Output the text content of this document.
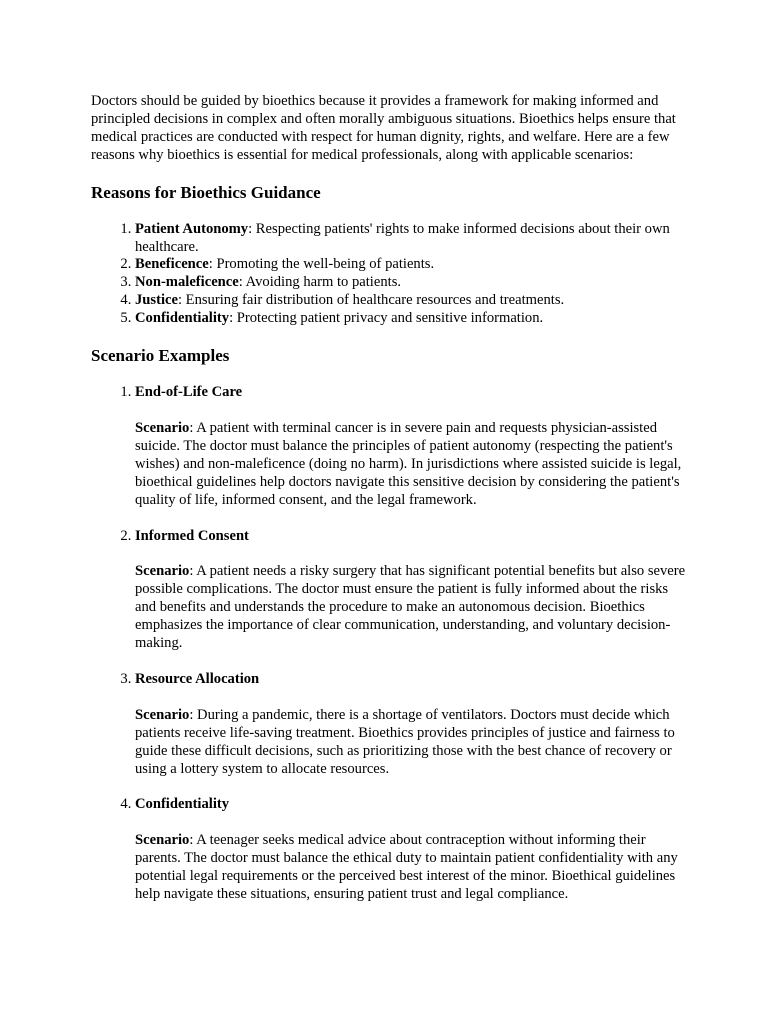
Doctors should be guided by bioethics because it provides a framework for making informed and principled decisions in complex and often morally ambiguous situations. Bioethics helps ensure that medical practices are conducted with respect for human dignity, rights, and welfare. Here are a few reasons why bioethics is essential for medical professionals, along with applicable scenarios:

Reasons for Bioethics Guidance
1. Patient Autonomy: Respecting patients' rights to make informed decisions about their own healthcare.
2. Beneficence: Promoting the well-being of patients.
3. Non-maleficence: Avoiding harm to patients.
4. Justice: Ensuring fair distribution of healthcare resources and treatments.
5. Confidentiality: Protecting patient privacy and sensitive information.
Scenario Examples
1. End-of-Life Care

Scenario: A patient with terminal cancer is in severe pain and requests physician-assisted suicide. The doctor must balance the principles of patient autonomy (respecting the patient's wishes) and non-maleficence (doing no harm). In jurisdictions where assisted suicide is legal, bioethical guidelines help doctors navigate this sensitive decision by considering the patient's quality of life, informed consent, and the legal framework.

2. Informed Consent

Scenario: A patient needs a risky surgery that has significant potential benefits but also severe possible complications. The doctor must ensure the patient is fully informed about the risks and benefits and understands the procedure to make an autonomous decision. Bioethics emphasizes the importance of clear communication, understanding, and voluntary decision-making.

3. Resource Allocation

Scenario: During a pandemic, there is a shortage of ventilators. Doctors must decide which patients receive life-saving treatment. Bioethics provides principles of justice and fairness to guide these difficult decisions, such as prioritizing those with the best chance of recovery or using a lottery system to allocate resources.

4. Confidentiality

Scenario: A teenager seeks medical advice about contraception without informing their parents. The doctor must balance the ethical duty to maintain patient confidentiality with any potential legal requirements or the perceived best interest of the minor. Bioethical guidelines help navigate these situations, ensuring patient trust and legal compliance.
